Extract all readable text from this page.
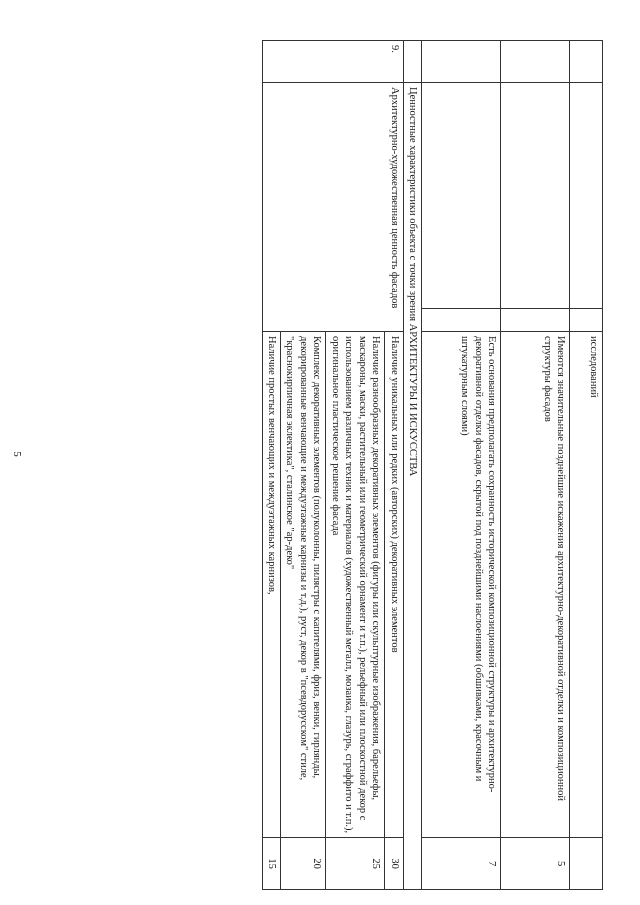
5
			исследований	
			Имеются значительные позднейшие искажения архитектурно-декоративной отделки и композиционной структуры фасадов	5
			Есть основания предполагать сохранность исторической композиционной структуры и архитектурно-декоративной отделки фасадов, скрытой под позднейшими наслоениями (обшивками, красочным и штукатурным слоями)	7
	Ценностные характеристики объекта с точки зрения АРХИТЕКТУРЫ И ИСКУССТВА			
9.	Архитектурно-художественная ценность фасадов		Наличие уникальных или редких (авторских) декоративных элементов	30
			Наличие разнообразных декоративных элементов (фигуры или скульптурные изображения, барельефы, маскароны, маски, растительный или геометрический орнамент и т.п.), рельефный или плоскостной декор с использованием различных техник и материалов (художественный металл, мозаика, глазурь, сграффито и т.п.), оригинальное пластическое решение фасада	25
			Комплекс декоративных элементов (полуколонны, пилястры с капителями, фриз, венки, гирлянды, декорированные венчающие и междуэтажные карнизы и т.д.), руст, декор в "псевдорусском" стиле, "краснокирпичная эклектика", сталинское "ар-деко"	20
			Наличие простых венчающих и междуэтажных карнизов,	15
